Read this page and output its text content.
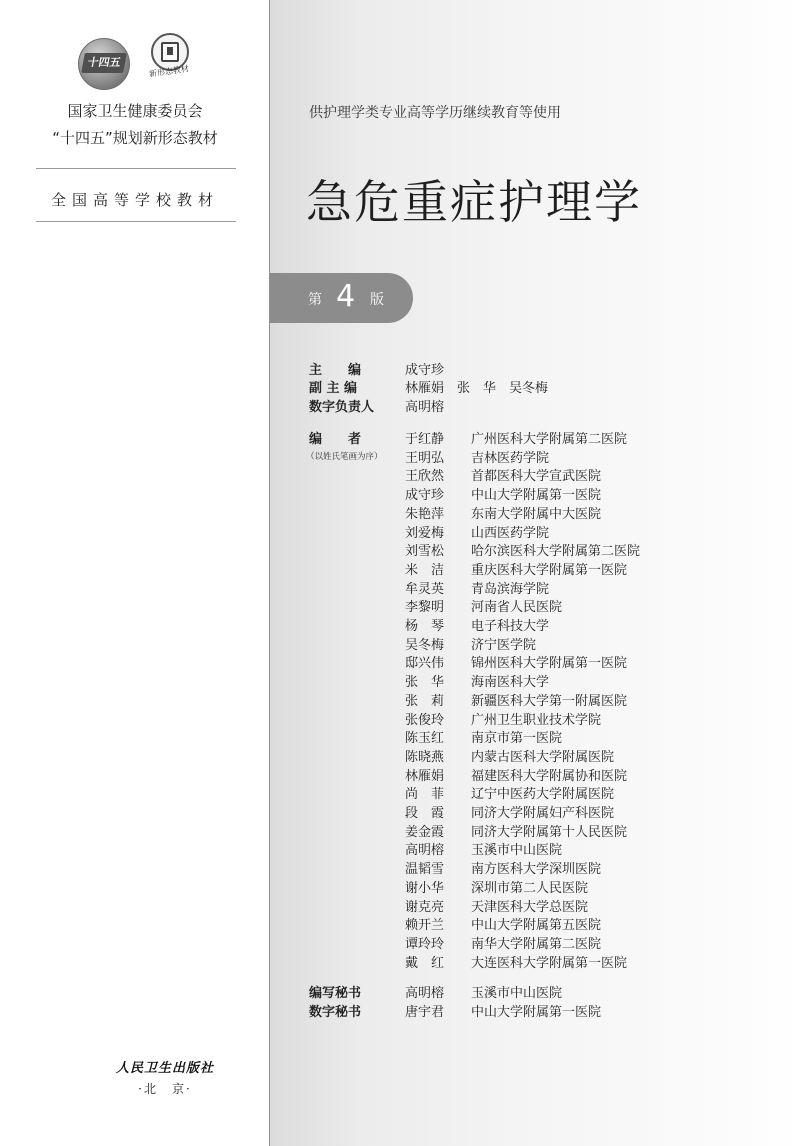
十四五
新形态教材
国家卫生健康委员会
“十四五”规划新形态教材
全国高等学校教材
人民卫生出版社
·北　京·
供护理学类专业高等学历继续教育等使用
急危重症护理学
第 4 版
主　　编	成守珍
副 主 编	林雁娟　张　华　吴冬梅
数字负责人 高明榕
编　　者
（以姓氏笔画为序）
于红静 广州医科大学附属第二医院
王明弘 吉林医药学院
王欣然 首都医科大学宣武医院
成守珍 中山大学附属第一医院
朱艳萍 东南大学附属中大医院
刘爱梅 山西医药学院
刘雪松 哈尔滨医科大学附属第二医院
米　洁 重庆医科大学附属第一医院
牟灵英 青岛滨海学院
李黎明 河南省人民医院
杨　琴 电子科技大学
吴冬梅 济宁医学院
邸兴伟 锦州医科大学附属第一医院
张　华 海南医科大学
张　莉 新疆医科大学第一附属医院
张俊玲 广州卫生职业技术学院
陈玉红 南京市第一医院
陈晓燕 内蒙古医科大学附属医院
林雁娟 福建医科大学附属协和医院
尚　菲 辽宁中医药大学附属医院
段　霞 同济大学附属妇产科医院
姜金霞 同济大学附属第十人民医院
高明榕 玉溪市中山医院
温韬雪 南方医科大学深圳医院
谢小华 深圳市第二人民医院
谢克亮 天津医科大学总医院
赖开兰 中山大学附属第五医院
谭玲玲 南华大学附属第二医院
戴　红 大连医科大学附属第一医院
编写秘书	高明榕 玉溪市中山医院
数字秘书	唐宇君 中山大学附属第一医院
